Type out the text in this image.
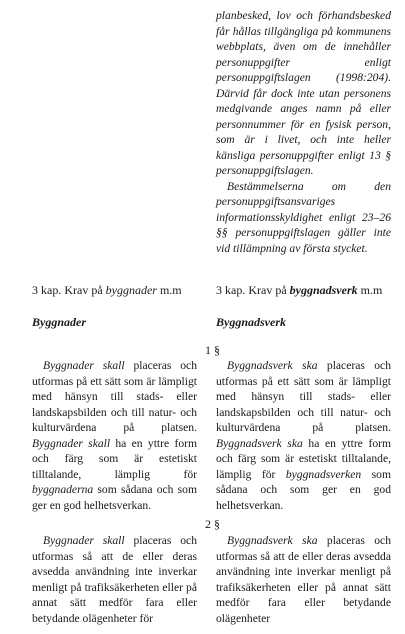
planbesked, lov och förhandsbesked får hållas tillgängliga på kommunens webbplats, även om de innehåller personuppgifter enligt personuppgiftslagen (1998:204). Därvid får dock inte utan personens medgivande anges namn på eller personnummer för en fysisk person, som är i livet, och inte heller känsliga personuppgifter enligt 13 § personuppgiftslagen.

Bestämmelserna om den personuppgiftsansvariges informationsskyldighet enligt 23–26 §§ personuppgiftslagen gäller inte vid tillämpning av första stycket.

3 kap. Krav på byggnader m.m	3 kap. Krav på byggnadsverk m.m

Byggnader	Byggnadsverk

1 §

Byggnader skall placeras och utformas på ett sätt som är lämpligt med hänsyn till stads- eller landskapsbilden och till natur- och kulturvärdena på platsen. Byggnader skall ha en yttre form och färg som är estetiskt tilltalande, lämplig för byggnaderna som sådana och som ger en god helhetsverkan.
Byggnadsverk ska placeras och utformas på ett sätt som är lämpligt med hänsyn till stads- eller landskapsbilden och till natur- och kulturvärdena på platsen. Byggnadsverk ska ha en yttre form och färg som är estetiskt tilltalande, lämplig för byggnadsverken som sådana och som ger en god helhetsverkan.

2 §

Byggnader skall placeras och utformas så att de eller deras avsedda användning inte inverkar menligt på trafiksäkerheten eller på annat sätt medför fara eller betydande olägenheter för
Byggnadsverk ska placeras och utformas så att de eller deras avsedda användning inte inverkar menligt på trafiksäkerheten eller på annat sätt medför fara eller betydande olägenheter
